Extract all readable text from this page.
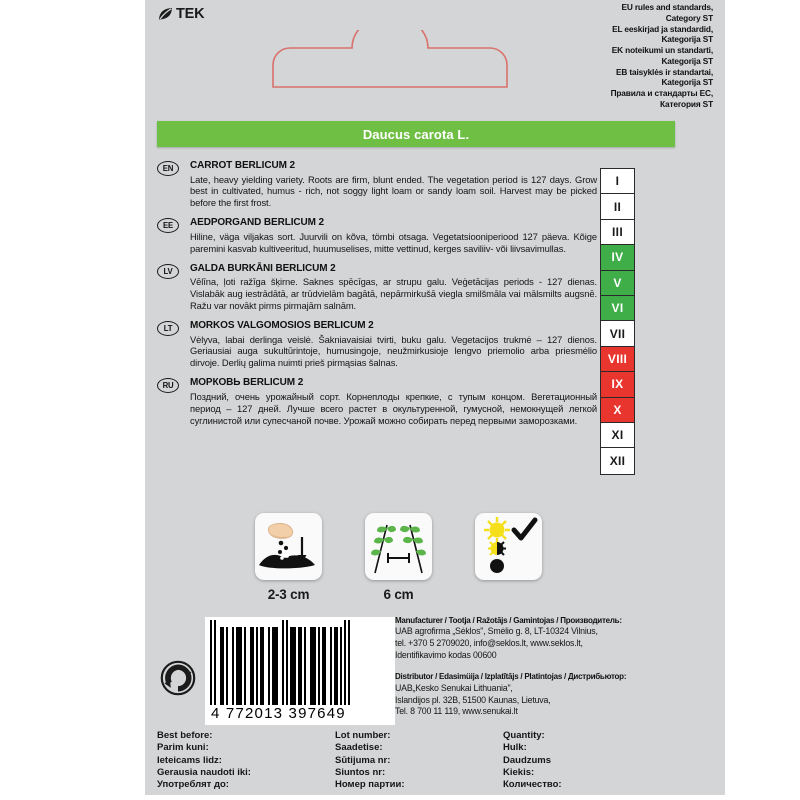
TEK	EU rules and standards,
Category ST
EL eeskirjad ja standardid,
Kategorija ST
EK noteikumi un standarti,
Kategorija ST
EB taisyklės ir standartai,
Kategorija ST
Правила и стандарты ЕС,
Категория ST
Daucus carota L.
EN	CARROT BERLICUM 2
Late, heavy yielding variety. Roots are firm, blunt ended. The vegetation period is 127 days. Grow best in cultivated, humus - rich, not soggy light loam or sandy loam soil. Harvest may be picked before the first frost.
EE	AEDPORGAND BERLICUM 2
Hiline, väga viljakas sort. Juurvili on kõva, tömbi otsaga. Vegetatsiooniperiood 127 päeva. Kõige paremini kasvab kultiveeritud, huumuselises, mitte vettinud, kerges saviliiv- või liivsavimullas.
LV	GALDA BURKĀNI BERLICUM 2
Vēlīna, ļoti ražīga šķirne. Saknes spēcīgas, ar strupu galu. Veģetācijas periods - 127 dienas. Vislabāk aug iestrādātā, ar trūdvielām bagātā, nepārmirkušā viegla smilšmāla vai mālsmilts augsnē. Ražu var novākt pirms pirmajām salnām.
LT	MORKOS VALGOMOSIOS BERLICUM 2
Vėlyva, labai derlinga veislė. Šakniavaisiai tvirti, buku galu. Vegetacijos trukmė – 127 dienos. Geriausiai auga sukultūrintoje, humusingoje, neužmirkusioje lengvo priemolio arba priesmėlio dirvoje. Derlių galima nuimti prieš pirmąsias šalnas.
RU	МОРКОВЬ BERLICUM 2
Поздний, очень урожайный сорт. Корнеплоды крепкие, с тупым концом. Вегетационный период – 127 дней. Лучше всего растет в окультуренной, гумусной, немокнущей легкой суглинистой или супесчаной почве. Урожай можно собирать перед первыми заморозками.
I
II
III
IV
V
VI
VII
VIII
IX
X
XI
XII
2-3 cm	6 cm

4 772013 397649
Manufacturer / Tootja / Ražotājs / Gamintojas / Производитель:
UAB agrofirma „Sėklos", Smėlio g. 8, LT-10324 Vilnius,
tel. +370 5 2709020, info@seklos.lt, www.seklos.lt,
Identifikavimo kodas 00600
Distributor / Edasimüija / Izplatītājs / Platintojas / Дистрибьютор:
UAB„Kesko Senukai Lithuania",
Islandijos pl. 32B, 51500 Kaunas, Lietuva,
Tel. 8 700 11 119, www.senukai.lt
Best before:
Parim kuni:
Ieteicams lidz:
Gerausia naudoti iki:
Употреблят до:
Lot number:
Saadetise:
Sūtijuma nr:
Siuntos nr:
Номер партии:
Quantity:
Hulk:
Daudzums
Kiekis:
Количество:
